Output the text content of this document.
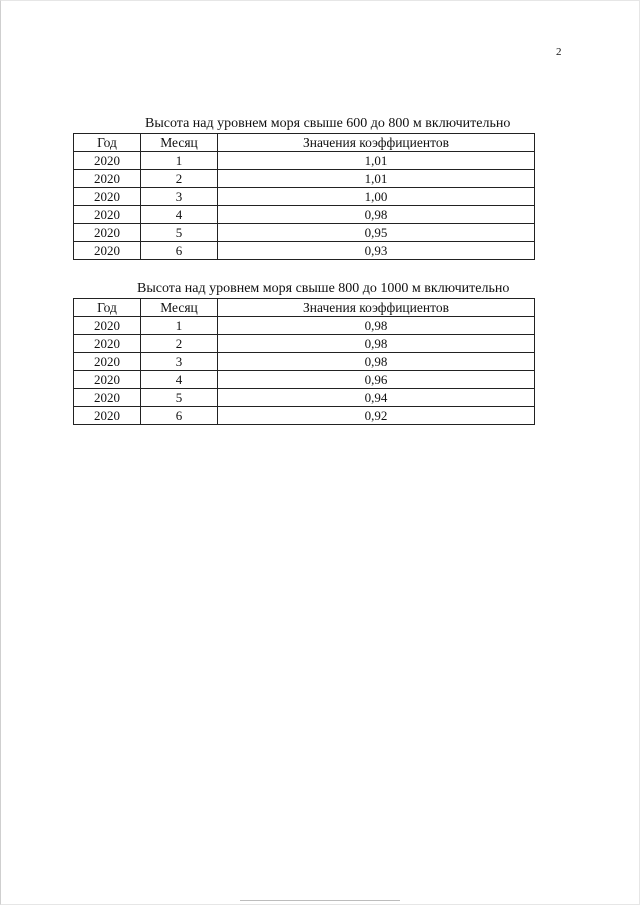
2
Высота над уровнем моря свыше 600 до 800 м включительно
Год	Месяц	Значения коэффициентов
2020	1	1,01
2020	2	1,01
2020	3	1,00
2020	4	0,98
2020	5	0,95
2020	6	0,93
Высота над уровнем моря свыше 800 до 1000 м включительно
Год	Месяц	Значения коэффициентов
2020	1	0,98
2020	2	0,98
2020	3	0,98
2020	4	0,96
2020	5	0,94
2020	6	0,92
